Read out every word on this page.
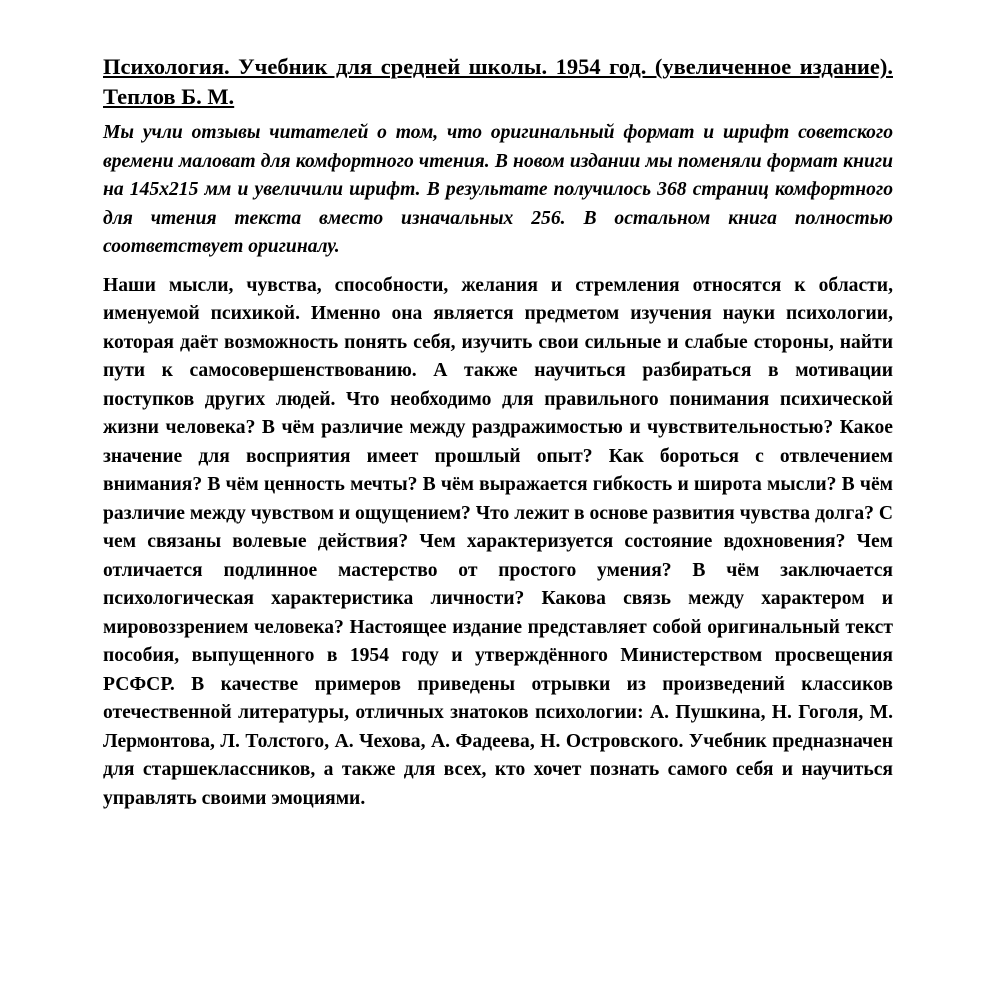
Психология. Учебник для средней школы. 1954 год. (увеличенное издание). Теплов Б. М.

Мы учли отзывы читателей о том, что оригинальный формат и шрифт советского времени маловат для комфортного чтения. В новом издании мы поменяли формат книги на 145x215 мм и увеличили шрифт. В результате получилось 368 страниц комфортного для чтения текста вместо изначальных 256. В остальном книга полностью соответствует оригиналу.

Наши мысли, чувства, способности, желания и стремления относятся к области, именуемой психикой. Именно она является предметом изучения науки психологии, которая даёт возможность понять себя, изучить свои сильные и слабые стороны, найти пути к самосовершенствованию. А также научиться разбираться в мотивации поступков других людей. Что необходимо для правильного понимания психической жизни человека? В чём различие между раздражимостью и чувствительностью? Какое значение для восприятия имеет прошлый опыт? Как бороться с отвлечением внимания? В чём ценность мечты? В чём выражается гибкость и широта мысли? В чём различие между чувством и ощущением? Что лежит в основе развития чувства долга? С чем связаны волевые действия? Чем характеризуется состояние вдохновения? Чем отличается подлинное мастерство от простого умения? В чём заключается психологическая характеристика личности? Какова связь между характером и мировоззрением человека? Настоящее издание представляет собой оригинальный текст пособия, выпущенного в 1954 году и утверждённого Министерством просвещения РСФСР. В качестве примеров приведены отрывки из произведений классиков отечественной литературы, отличных знатоков психологии: А. Пушкина, Н. Гоголя, М. Лермонтова, Л. Толстого, А. Чехова, А. Фадеева, Н. Островского. Учебник предназначен для старшеклассников, а также для всех, кто хочет познать самого себя и научиться управлять своими эмоциями.
